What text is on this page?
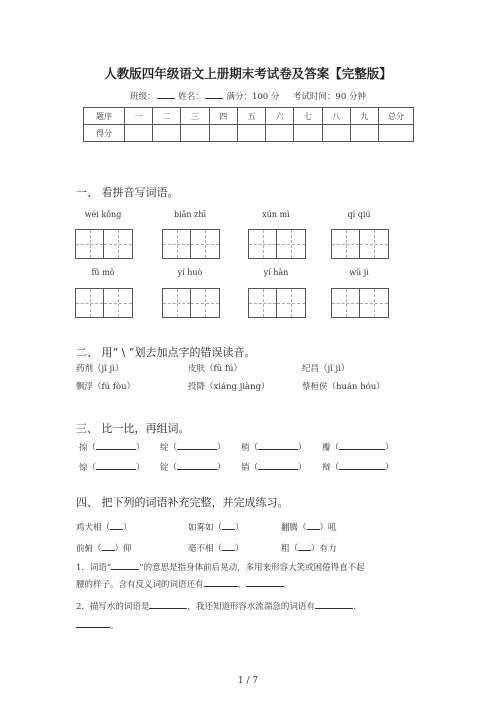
人教版四年级语文上册期末考试卷及答案【完整版】
班级：	姓名：	满分：100 分 考试时间：90 分钟
题序	一	二	三	四	五	六	七	八	九	总分
得分										
一、 看拼音写词语。
wéi kǒng	biǎn zhī	xún mì	qí qiú
fǔ mō	yí huò	yí hàn	wǔ jì
二、 用“ \ ”划去加点字的错误读音。
药剂（jǐ jì）	皮肤（fū fú）	纪昌（jǐ jì）
飘浮（fú fòu）	投降（xiáng jiàng）	蔡桓侯（huán hóu）
三、 比一比，再组词。
掠（	） 绽（	） 梢（	） 瓣（	）
惊（	） 锭（	） 销（	） 辩（	）
四、 把下列的词语补充完整，并完成练习。
鸡犬相（ ）	如雾如（ ）	翻腾（ ）吼
前俯（ ）仰	毫不相（ ）	粗（ ）有力
1．词语“	”的意思是指身体前后晃动，多用来形容大笑或困倦得直不起
腰的样子。含有反义词的词语还有	、	。
2．描写水的词语是	，我还知道形容水流湍急的词语有	、
。
1 / 7
